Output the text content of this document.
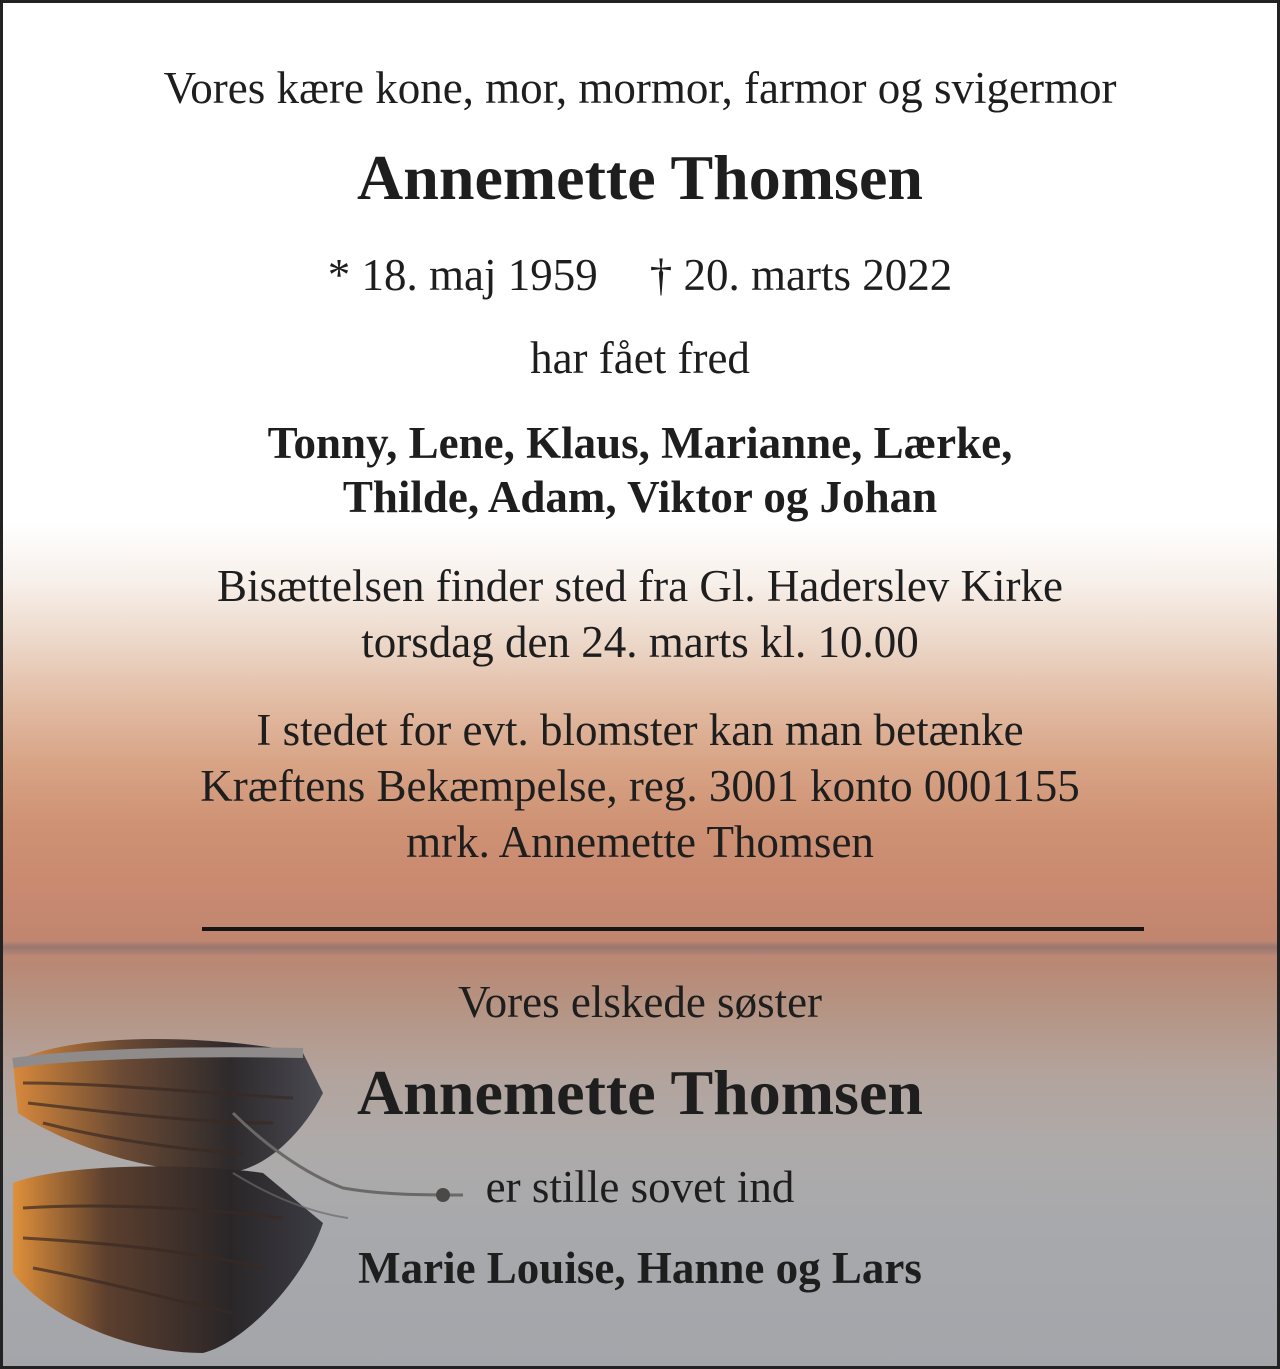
Vores kære kone, mor, mormor, farmor og svigermor
Annemette Thomsen
* 18. maj 1959 † 20. marts 2022
har fået fred
Tonny, Lene, Klaus, Marianne, Lærke,
Thilde, Adam, Viktor og Johan
Bisættelsen finder sted fra Gl. Haderslev Kirke
torsdag den 24. marts kl. 10.00
I stedet for evt. blomster kan man betænke
Kræftens Bekæmpelse, reg. 3001 konto 0001155
mrk. Annemette Thomsen
Vores elskede søster
Annemette Thomsen
er stille sovet ind
Marie Louise, Hanne og Lars
